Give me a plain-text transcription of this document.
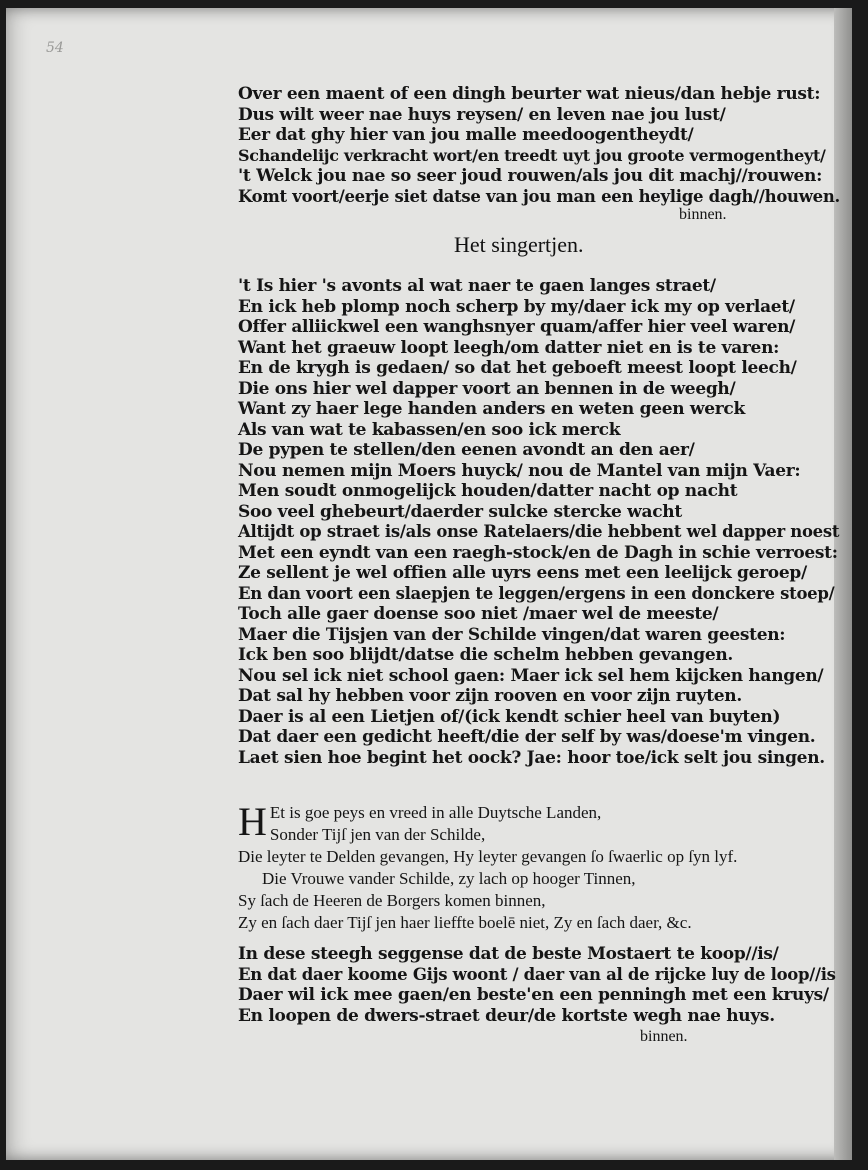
54
Over een maent of een dingh beurter wat nieus/dan hebje rust:
Dus wilt weer nae huys reysen/ en leven nae jou lust/
Eer dat ghy hier van jou malle meedoogentheydt/
Schandelijc verkracht wort/en treedt uyt jou groote vermogentheyt/
't Welck jou nae so seer joud rouwen/als jou dit machj//rouwen:
Komt voort/eerje siet datse van jou man een heylige dagh//houwen.
binnen.
Het singertjen.
't Is hier 's avonts al wat naer te gaen langes straet/
En ick heb plomp noch scherp by my/daer ick my op verlaet/
Offer alliickwel een wanghsnyer quam/affer hier veel waren/
Want het graeuw loopt leegh/om datter niet en is te varen:
En de krygh is gedaen/ so dat het geboeft meest loopt leech/
Die ons hier wel dapper voort an bennen in de weegh/
Want zy haer lege handen anders en weten geen werck
Als van wat te kabassen/en soo ick merck
De pypen te stellen/den eenen avondt an den aer/
Nou nemen mijn Moers huyck/ nou de Mantel van mijn Vaer:
Men soudt onmogelijck houden/datter nacht op nacht
Soo veel ghebeurt/daerder sulcke stercke wacht
Altijdt op straet is/als onse Ratelaers/die hebbent wel dapper noest
Met een eyndt van een raegh-stock/en de Dagh in schie verroest:
Ze sellent je wel offien alle uyrs eens met een leelijck geroep/
En dan voort een slaepjen te leggen/ergens in een donckere stoep/
Toch alle gaer doense soo niet /maer wel de meeste/
Maer die Tijsjen van der Schilde vingen/dat waren geesten:
Ick ben soo blijdt/datse die schelm hebben gevangen.
Nou sel ick niet school gaen: Maer ick sel hem kijcken hangen/
Dat sal hy hebben voor zijn rooven en voor zijn ruyten.
Daer is al een Lietjen of/(ick kendt schier heel van buyten)
Dat daer een gedicht heeft/die der self by was/doese'm vingen.
Laet sien hoe begint het oock? Jae: hoor toe/ick selt jou singen.
H Et is goe peys en vreed in alle Duytsche Landen,
Sonder Tijſ jen van der Schilde,
Die leyter te Delden gevangen, Hy leyter gevangen ſo ſwaerlic op ſyn lyf.
Die Vrouwe vander Schilde, zy lach op hooger Tinnen,
Sy ſach de Heeren de Borgers komen binnen,
Zy en ſach daer Tijſ jen haer lieffte boelē niet, Zy en ſach daer, &c.
In dese steegh seggense dat de beste Mostaert te koop//is/
En dat daer koome Gijs woont / daer van al de rijcke luy de loop//is
Daer wil ick mee gaen/en beste'en een penningh met een kruys/
En loopen de dwers-straet deur/de kortste wegh nae huys.
binnen.
